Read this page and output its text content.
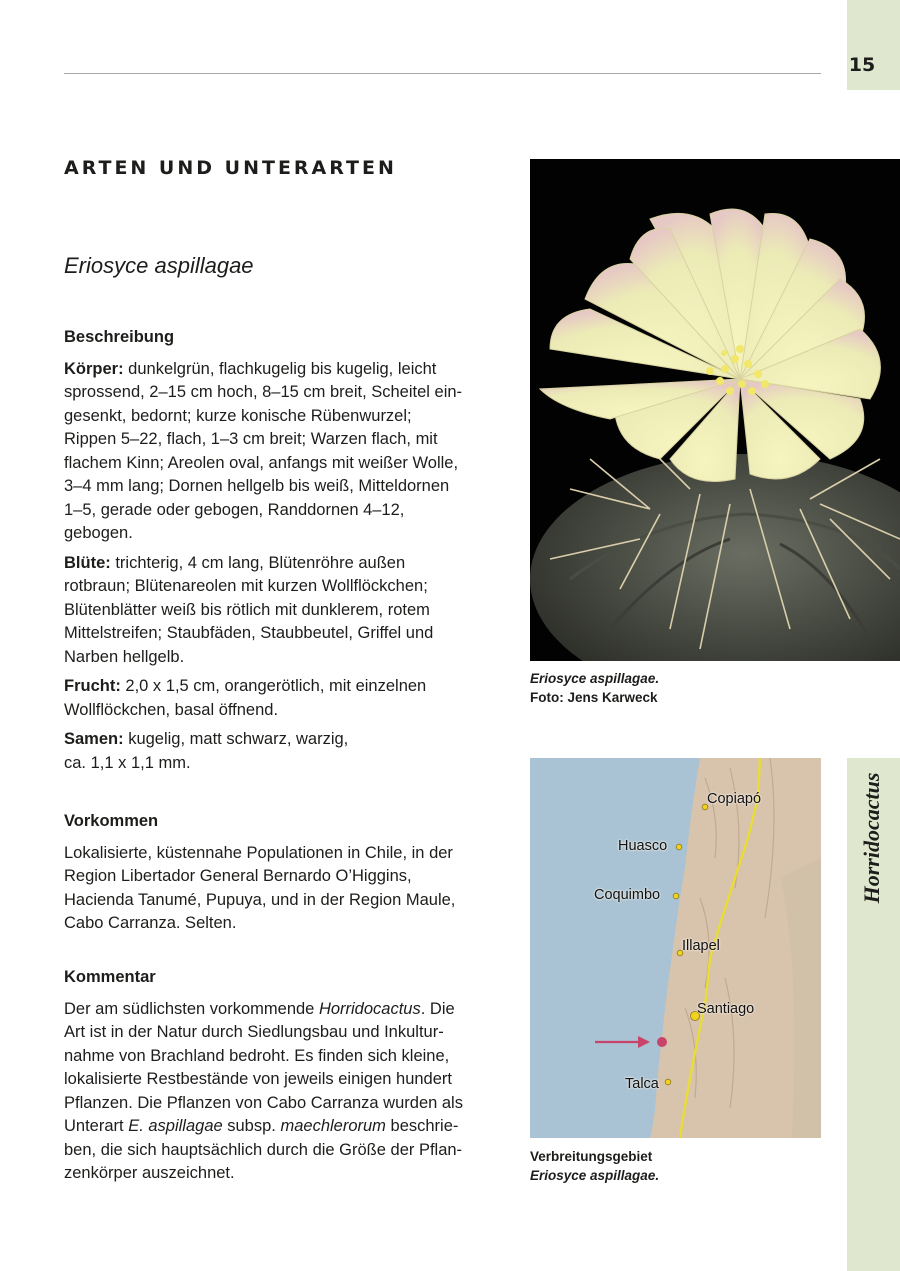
15
Horridocactus
ARTEN UND UNTERARTEN
Eriosyce aspillagae

Beschreibung

Körper: dunkelgrün, flachkugelig bis kugelig, leicht
sprossend, 2–15 cm hoch, 8–15 cm breit, Scheitel ein-
gesenkt, bedornt; kurze konische Rübenwurzel;
Rippen 5–22, flach, 1–3 cm breit; Warzen flach, mit
flachem Kinn; Areolen oval, anfangs mit weißer Wolle,
3–4 mm lang; Dornen hellgelb bis weiß, Mitteldornen
1–5, gerade oder gebogen, Randdornen 4–12,
gebogen.

Blüte: trichterig, 4 cm lang, Blütenröhre außen
rotbraun; Blütenareolen mit kurzen Wollflöckchen;
Blütenblätter weiß bis rötlich mit dunklerem, rotem
Mittelstreifen; Staubfäden, Staubbeutel, Griffel und
Narben hellgelb.

Frucht: 2,0 x 1,5 cm, orangerötlich, mit einzelnen
Wollflöckchen, basal öffnend.

Samen: kugelig, matt schwarz, warzig,
ca. 1,1 x 1,1 mm.

Vorkommen

Lokalisierte, küstennahe Populationen in Chile, in der
Region Libertador General Bernardo O’Higgins,
Hacienda Tanumé, Pupuya, und in der Region Maule,
Cabo Carranza. Selten.

Kommentar

Der am südlichsten vorkommende Horridocactus. Die
Art ist in der Natur durch Siedlungsbau und Inkultur-
nahme von Brachland bedroht. Es finden sich kleine,
lokalisierte Restbestände von jeweils einigen hundert
Pflanzen. Die Pflanzen von Cabo Carranza wurden als
Unterart E. aspillagae subsp. maechlerorum beschrie-
ben, die sich hauptsächlich durch die Größe der Pflan-
zenkörper auszeichnet.

Eriosyce aspillagae.
Foto: Jens Karweck
Copiapó
Huasco
Coquimbo
Illapel
Santiago
Talca
Verbreitungsgebiet
Eriosyce aspillagae.
